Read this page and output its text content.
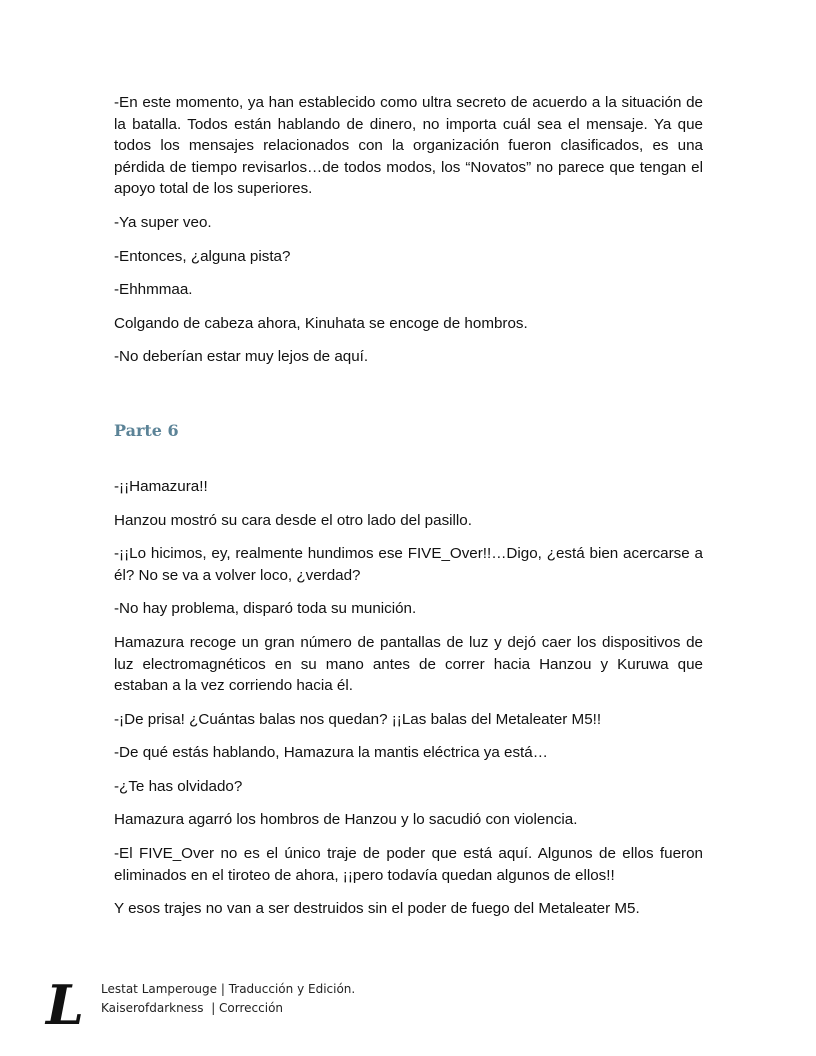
-En este momento, ya han establecido como ultra secreto de acuerdo a la situación de la batalla. Todos están hablando de dinero, no importa cuál sea el mensaje. Ya que todos los mensajes relacionados con la organización fueron clasificados, es una pérdida de tiempo revisarlos…de todos modos, los “Novatos” no parece que tengan el apoyo total de los superiores.

-Ya super veo.

-Entonces, ¿alguna pista?

-Ehhmmaa.

Colgando de cabeza ahora, Kinuhata se encoge de hombros.

-No deberían estar muy lejos de aquí.

Parte 6

-¡¡Hamazura!!

Hanzou mostró su cara desde el otro lado del pasillo.

-¡¡Lo hicimos, ey, realmente hundimos ese FIVE_Over!!…Digo, ¿está bien acercarse a él? No se va a volver loco, ¿verdad?

-No hay problema, disparó toda su munición.

Hamazura recoge un gran número de pantallas de luz y dejó caer los dispositivos de luz electromagnéticos en su mano antes de correr hacia Hanzou y Kuruwa que estaban a la vez corriendo hacia él.

-¡De prisa! ¿Cuántas balas nos quedan? ¡¡Las balas del Metaleater M5!!

-De qué estás hablando, Hamazura la mantis eléctrica ya está…

-¿Te has olvidado?

Hamazura agarró los hombros de Hanzou y lo sacudió con violencia.

-El FIVE_Over no es el único traje de poder que está aquí. Algunos de ellos fueron eliminados en el tiroteo de ahora, ¡¡pero todavía quedan algunos de ellos!!

Y esos trajes no van a ser destruidos sin el poder de fuego del Metaleater M5.

L Lestat Lamperouge | Traducción y Edición.
Kaiserofdarkness  | Corrección
